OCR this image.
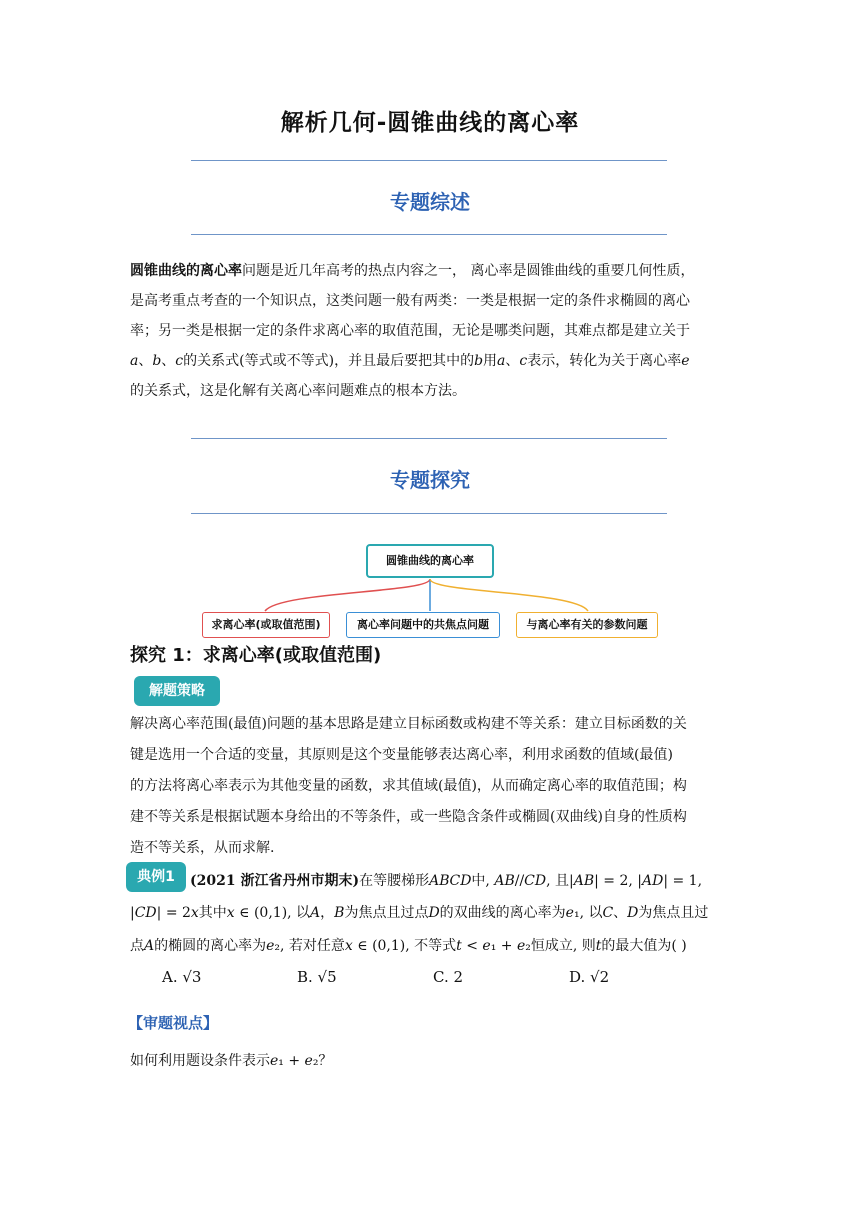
解析几何-圆锥曲线的离心率
专题综述
圆锥曲线的离心率问题是近几年高考的热点内容之一， 离心率是圆锥曲线的重要几何性质，
是高考重点考查的一个知识点，这类问题一般有两类：一类是根据一定的条件求椭圆的离心
率；另一类是根据一定的条件求离心率的取值范围，无论是哪类问题，其难点都是建立关于
𝑎、𝑏、𝑐的关系式(等式或不等式)，并且最后要把其中的𝑏用𝑎、𝑐表示，转化为关于离心率𝑒
的关系式，这是化解有关离心率问题难点的根本方法。
专题探究
圆锥曲线的离心率
求离心率(或取值范围)	离心率问题中的共焦点问题	与离心率有关的参数问题
探究 1：求离心率(或取值范围)
解题策略
解决离心率范围(最值)问题的基本思路是建立目标函数或构建不等关系：建立目标函数的关
键是选用一个合适的变量，其原则是这个变量能够表达离心率，利用求函数的值域(最值)
的方法将离心率表示为其他变量的函数，求其值域(最值)，从而确定离心率的取值范围；构
建不等关系是根据试题本身给出的不等条件，或一些隐含条件或椭圆(双曲线)自身的性质构
造不等关系，从而求解.
典例1	(2021 浙江省丹州市期末)在等腰梯形𝐴𝐵𝐶𝐷中, 𝐴𝐵//𝐶𝐷, 且|𝐴𝐵| = 2, |𝐴𝐷| = 1,
|𝐶𝐷| = 2𝑥其中𝑥 ∈ (0,1), 以𝐴，𝐵为焦点且过点𝐷的双曲线的离心率为𝑒₁, 以𝐶、𝐷为焦点且过
点𝐴的椭圆的离心率为𝑒₂, 若对任意𝑥 ∈ (0,1), 不等式𝑡 < 𝑒₁ + 𝑒₂恒成立, 则𝑡的最大值为( )
A. √3	B. √5	C. 2	D. √2
【审题视点】
如何利用题设条件表示𝑒₁ + 𝑒₂？
